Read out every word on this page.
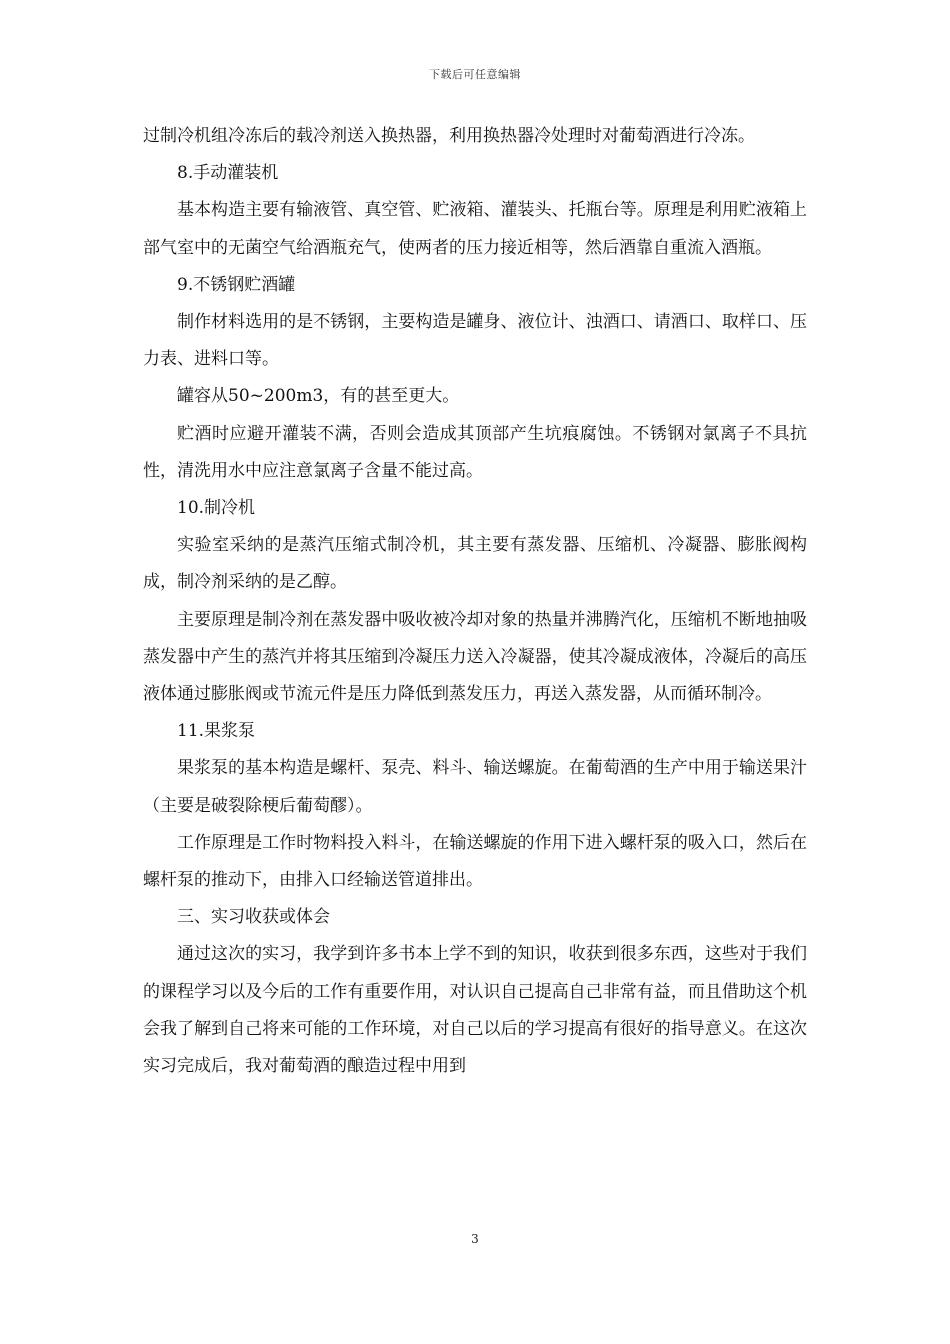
下载后可任意编辑

过制冷机组冷冻后的载冷剂送入换热器，利用换热器冷处理时对葡萄酒进行冷冻。

8.手动灌装机

基本构造主要有输液管、真空管、贮液箱、灌装头、托瓶台等。原理是利用贮液箱上部气室中的无菌空气给酒瓶充气，使两者的压力接近相等，然后酒靠自重流入酒瓶。

9.不锈钢贮酒罐

制作材料选用的是不锈钢，主要构造是罐身、液位计、浊酒口、请酒口、取样口、压力表、进料口等。

罐容从50~200m3，有的甚至更大。

贮酒时应避开灌装不满，否则会造成其顶部产生坑痕腐蚀。不锈钢对氯离子不具抗性，清洗用水中应注意氯离子含量不能过高。

10.制冷机

实验室采纳的是蒸汽压缩式制冷机，其主要有蒸发器、压缩机、冷凝器、膨胀阀构成，制冷剂采纳的是乙醇。

主要原理是制冷剂在蒸发器中吸收被冷却对象的热量并沸腾汽化，压缩机不断地抽吸蒸发器中产生的蒸汽并将其压缩到冷凝压力送入冷凝器，使其冷凝成液体，冷凝后的高压液体通过膨胀阀或节流元件是压力降低到蒸发压力，再送入蒸发器，从而循环制冷。

11.果浆泵

果浆泵的基本构造是螺杆、泵壳、料斗、输送螺旋。在葡萄酒的生产中用于输送果汁（主要是破裂除梗后葡萄醪）。

工作原理是工作时物料投入料斗，在输送螺旋的作用下进入螺杆泵的吸入口，然后在螺杆泵的推动下，由排入口经输送管道排出。

三、实习收获或体会

通过这次的实习，我学到许多书本上学不到的知识，收获到很多东西，这些对于我们的课程学习以及今后的工作有重要作用，对认识自己提高自己非常有益，而且借助这个机会我了解到自己将来可能的工作环境，对自己以后的学习提高有很好的指导意义。在这次实习完成后，我对葡萄酒的酿造过程中用到

3
